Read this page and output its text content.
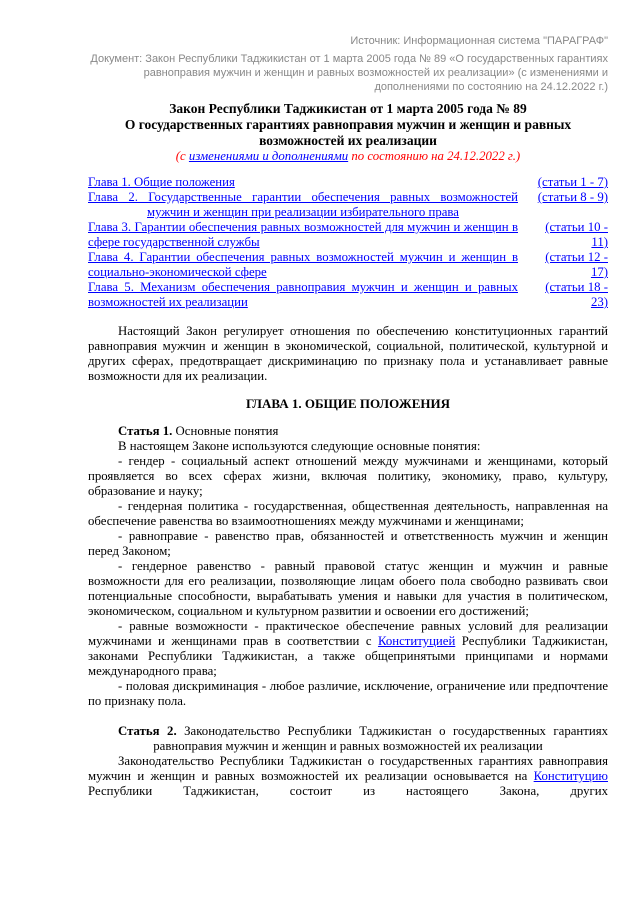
Источник: Информационная система "ПАРАГРАФ"
Документ: Закон Республики Таджикистан от 1 марта 2005 года № 89 «О государственных гарантиях равноправия мужчин и женщин и равных возможностей их реализации» (с изменениями и дополнениями по состоянию на 24.12.2022 г.)
Закон Республики Таджикистан от 1 марта 2005 года № 89
О государственных гарантиях равноправия мужчин и женщин и равных возможностей их реализации
(с изменениями и дополнениями по состоянию на 24.12.2022 г.)
Глава 1. Общие положения	(статьи 1 - 7)
Глава 2. Государственные гарантии обеспечения равных возможностей мужчин и женщин при реализации избирательного права
(статьи 8 - 9)
Глава 3. Гарантии обеспечения равных возможностей для мужчин и женщин в сфере государственной службы
(статьи 10 - 11)
Глава 4. Гарантии обеспечения равных возможностей мужчин и женщин в социально-экономической сфере
(статьи 12 - 17)
Глава 5. Механизм обеспечения равноправия мужчин и женщин и равных возможностей их реализации
(статьи 18 - 23)

Настоящий Закон регулирует отношения по обеспечению конституционных гарантий равноправия мужчин и женщин в экономической, социальной, политической, культурной и других сферах, предотвращает дискриминацию по признаку пола и устанавливает равные возможности для их реализации.

ГЛАВА 1. ОБЩИЕ ПОЛОЖЕНИЯ

Статья 1. Основные понятия

В настоящем Законе используются следующие основные понятия:

- гендер - социальный аспект отношений между мужчинами и женщинами, который проявляется во всех сферах жизни, включая политику, экономику, право, культуру, образование и науку;

- гендерная политика - государственная, общественная деятельность, направленная на обеспечение равенства во взаимоотношениях между мужчинами и женщинами;

- равноправие - равенство прав, обязанностей и ответственность мужчин и женщин перед Законом;

- гендерное равенство - равный правовой статус женщин и мужчин и равные возможности для его реализации, позволяющие лицам обоего пола свободно развивать свои потенциальные способности, вырабатывать умения и навыки для участия в политическом, экономическом, социальном и культурном развитии и освоении его достижений;

- равные возможности - практическое обеспечение равных условий для реализации мужчинами и женщинами прав в соответствии с Конституцией Республики Таджикистан, законами Республики Таджикистан, а также общепринятыми принципами и нормами международного права;

- половая дискриминация - любое различие, исключение, ограничение или предпочтение по признаку пола.

Статья 2. Законодательство Республики Таджикистан о государственных гарантиях равноправия мужчин и женщин и равных возможностей их реализации

Законодательство Республики Таджикистан о государственных гарантиях равноправия мужчин и женщин и равных возможностей их реализации основывается на Конституцию Республики Таджикистан, состоит из настоящего Закона, других
